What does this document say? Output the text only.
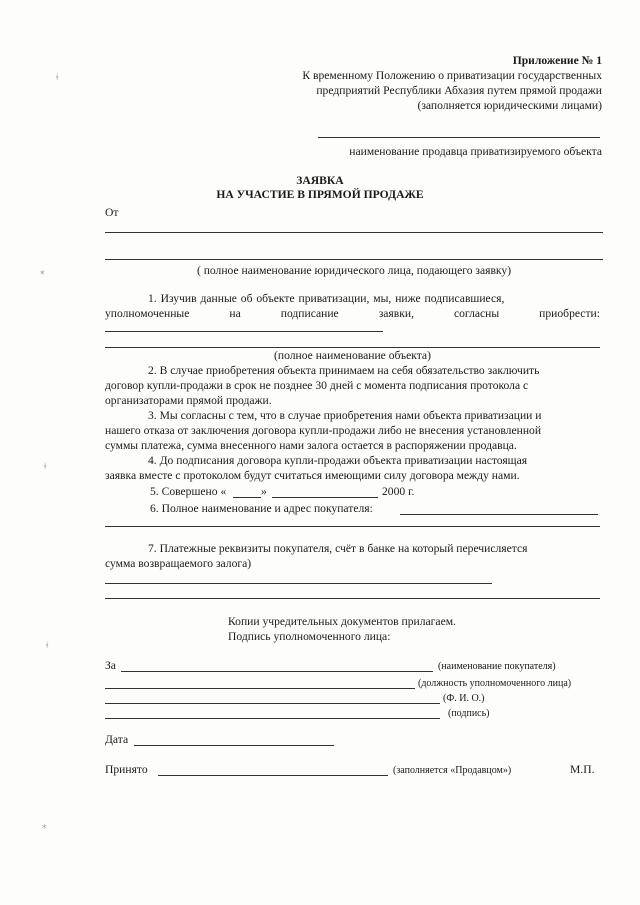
Приложение № 1
К временному Положению о приватизации государственных
предприятий Республики Абхазия путем прямой продажи
(заполняется юридическими лицами)
наименование продавца приватизируемого объекта
ЗАЯВКА
НА УЧАСТИЕ В ПРЯМОЙ ПРОДАЖЕ
От
( полное наименование юридического лица, подающего заявку)
1. Изучив данные об объекте приватизации, мы, ниже подписавшиеся,
уполномоченные	на	подписание	заявки,	согласны	приобрести:
(полное наименование объекта)
2. В случае приобретения объекта принимаем на себя обязательство заключить
договор купли-продажи в срок не позднее 30 дней с момента подписания протокола с
организаторами прямой продажи.
3. Мы согласны с тем, что в случае приобретения нами объекта приватизации и
нашего отказа от заключения договора купли-продажи либо не внесения установленной
суммы платежа, сумма внесенного нами залога остается в распоряжении продавца.
4. До подписания договора купли-продажи объекта приватизации настоящая
заявка вместе с протоколом будут считаться имеющими силу договора между нами.
5. Совершено «	»	2000 г.
6. Полное наименование и адрес покупателя:
7. Платежные реквизиты покупателя, счёт в банке на который перечисляется
сумма возвращаемого залога)
Копии учредительных документов прилагаем.
Подпись уполномоченного лица:
За	(наименование покупателя)
(должность уполномоченного лица)
(Ф. И. О.)
(подпись)
Дата
Принято	(заполняется «Продавцом»)	М.П.
ǂ
⁎
ǂ
ǂ
⁎
